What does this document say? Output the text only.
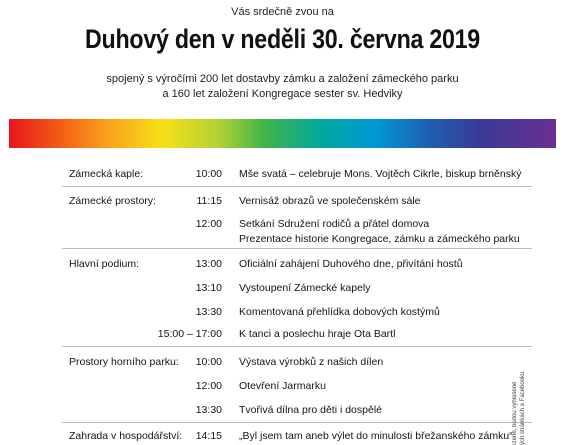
Vás srdečně zvou na
Duhový den v neděli 30. června 2019
spojený s výročími 200 let dostavby zámku a založení zámeckého parku
a 160 let založení Kongregace sester sv. Hedviky
Zámecká kaple:	10:00 Mše svatá – celebruje Mons. Vojtěch Cikrle, biskup brněnský
Zámecké prostory:	11:15 Vernisáž obrazů ve společenském sále
12:00 Setkání Sdružení rodičů a přátel domova
Prezentace historie Kongregace, zámku a zámeckého parku
Hlavní podium:	13:00 Oficiální zahájení Duhového dne, přivítání hostů
13:10 Vystoupení Zámecké kapely
13:30 Komentovaná přehlídka dobových kostýmů
15:00 – 17:00 K tanci a poslechu hraje Ota Bartl
Prostory horního parku:	10:00 Výstava výrobků z našich dílen
12:00 Otevření Jarmarku
13:30 Tvořivá dílna pro děti i dospělé
Zahrada v hospodářství:	14:15 „Byl jsem tam aneb výlet do minulosti břežanského zámku“ ízené, budou vyhlášené ých stránkách a Facebooku.
